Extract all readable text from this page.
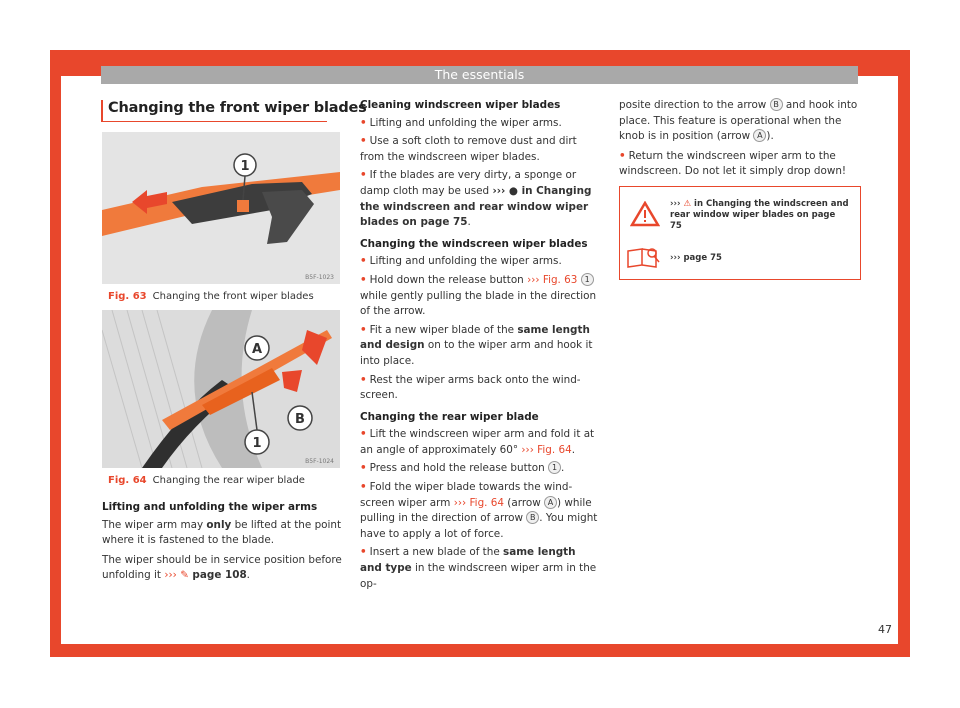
The essentials
Changing the front wiper blades
1
B5F-1023
Fig. 63 Changing the front wiper blades
A
B
1
B5F-1024
Fig. 64 Changing the rear wiper blade
Lifting and unfolding the wiper arms

The wiper arm may only be lifted at the point where it is fastened to the blade.

The wiper should be in service position before unfolding it ››› ✎ page 108.

Cleaning windscreen wiper blades
• Lifting and unfolding the wiper arms.
• Use a soft cloth to remove dust and dirt from the windscreen wiper blades.
• If the blades are very dirty, a sponge or damp cloth may be used ››› ● in Changing the windscreen and rear window wiper blades on page 75.
Changing the windscreen wiper blades
• Lifting and unfolding the wiper arms.
• Hold down the release button ››› Fig. 63 1 while gently pulling the blade in the direction of the arrow.
• Fit a new wiper blade of the same length and design on to the wiper arm and hook it into place.
• Rest the wiper arms back onto the wind-screen.
Changing the rear wiper blade
• Lift the windscreen wiper arm and fold it at an angle of approximately 60° ››› Fig. 64.
• Press and hold the release button 1 .
• Fold the wiper blade towards the wind-screen wiper arm ››› Fig. 64 (arrow A ) while pulling in the direction of arrow B . You might have to apply a lot of force.
• Insert a new blade of the same length and type in the windscreen wiper arm in the op-

posite direction to the arrow B and hook into place. This feature is operational when the knob is in position (arrow A ).

• Return the windscreen wiper arm to the windscreen. Do not let it simply drop down!
››› ⚠ in Changing the windscreen and rear window wiper blades on page 75
››› page 75
47
